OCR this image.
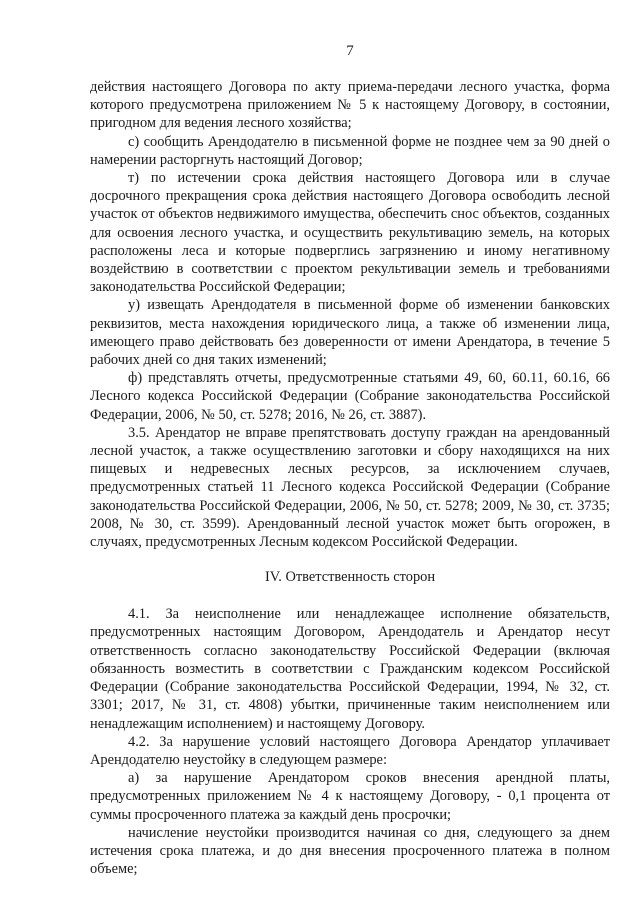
7

действия настоящего Договора по акту приема-передачи лесного участка, форма которого предусмотрена приложением № 5 к настоящему Договору, в состоянии, пригодном для ведения лесного хозяйства;

с) сообщить Арендодателю в письменной форме не позднее чем за 90 дней о намерении расторгнуть настоящий Договор;

т) по истечении срока действия настоящего Договора или в случае досрочного прекращения срока действия настоящего Договора освободить лесной участок от объектов недвижимого имущества, обеспечить снос объектов, созданных для освоения лесного участка, и осуществить рекультивацию земель, на которых расположены леса и которые подверглись загрязнению и иному негативному воздействию в соответствии с проектом рекультивации земель и требованиями законодательства Российской Федерации;

у) извещать Арендодателя в письменной форме об изменении банковских реквизитов, места нахождения юридического лица, а также об изменении лица, имеющего право действовать без доверенности от имени Арендатора, в течение 5 рабочих дней со дня таких изменений;

ф) представлять отчеты, предусмотренные статьями 49, 60, 60.11, 60.16, 66 Лесного кодекса Российской Федерации (Собрание законодательства Российской Федерации, 2006, № 50, ст. 5278; 2016, № 26, ст. 3887).

3.5. Арендатор не вправе препятствовать доступу граждан на арендованный лесной участок, а также осуществлению заготовки и сбору находящихся на них пищевых и недревесных лесных ресурсов, за исключением случаев, предусмотренных статьей 11 Лесного кодекса Российской Федерации (Собрание законодательства Российской Федерации, 2006, № 50, ст. 5278; 2009, № 30, ст. 3735; 2008, № 30, ст. 3599). Арендованный лесной участок может быть огорожен, в случаях, предусмотренных Лесным кодексом Российской Федерации.

IV. Ответственность сторон

4.1. За неисполнение или ненадлежащее исполнение обязательств, предусмотренных настоящим Договором, Арендодатель и Арендатор несут ответственность согласно законодательству Российской Федерации (включая обязанность возместить в соответствии с Гражданским кодексом Российской Федерации (Собрание законодательства Российской Федерации, 1994, № 32, ст. 3301; 2017, № 31, ст. 4808) убытки, причиненные таким неисполнением или ненадлежащим исполнением) и настоящему Договору.

4.2. За нарушение условий настоящего Договора Арендатор уплачивает Арендодателю неустойку в следующем размере:

а) за нарушение Арендатором сроков внесения арендной платы, предусмотренных приложением № 4 к настоящему Договору, - 0,1 процента от суммы просроченного платежа за каждый день просрочки;

начисление неустойки производится начиная со дня, следующего за днем истечения срока платежа, и до дня внесения просроченного платежа в полном объеме;
